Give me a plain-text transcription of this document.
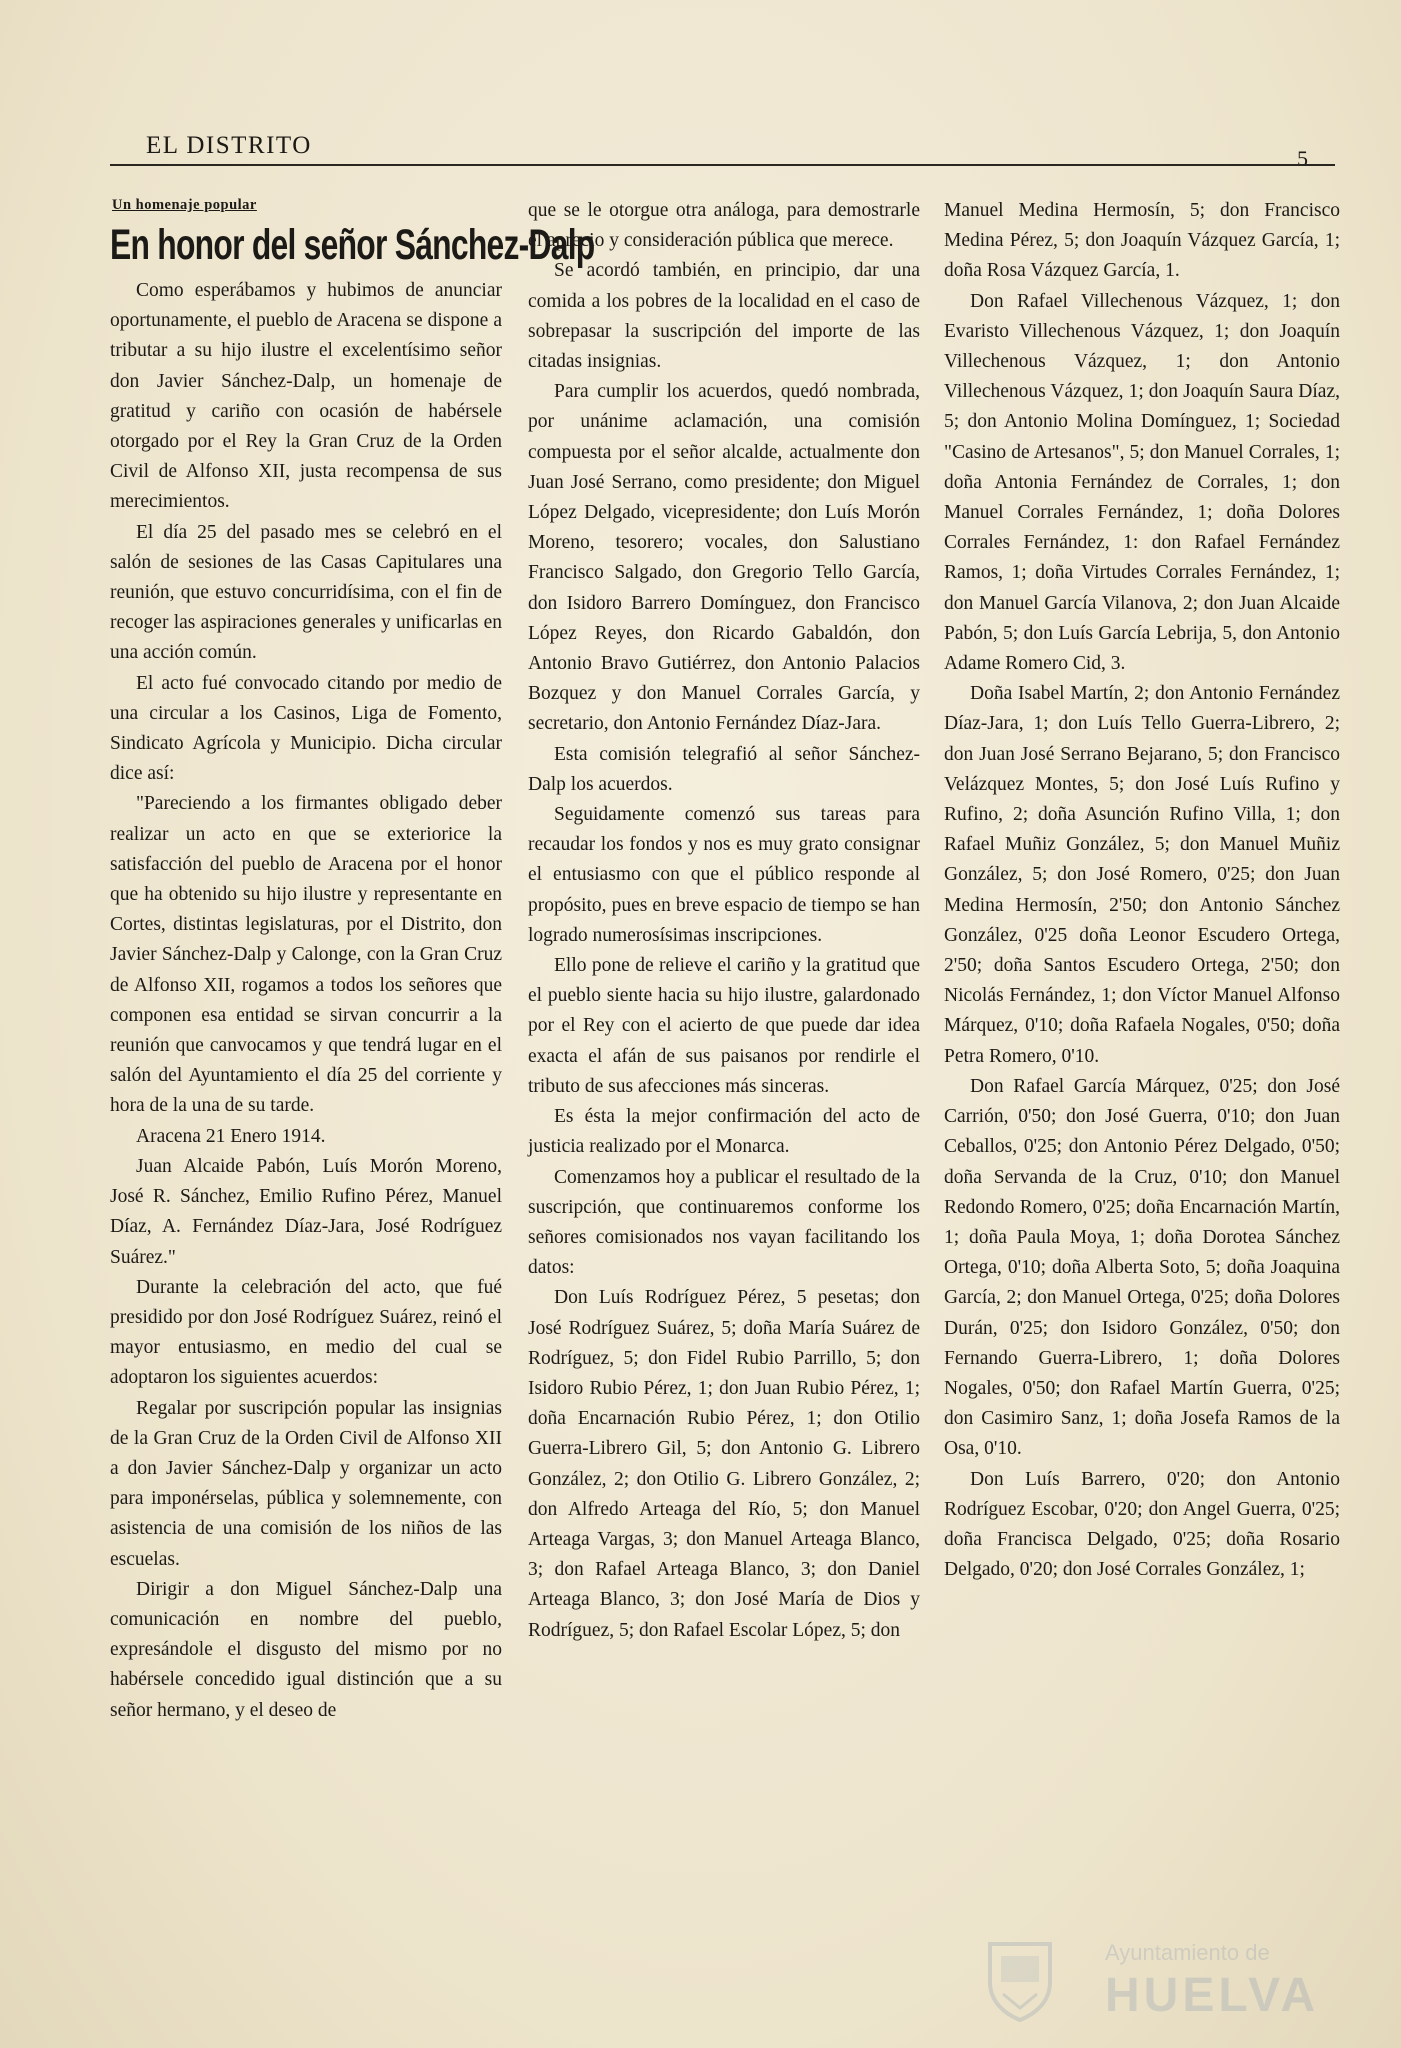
EL DISTRITO	5
Un homenaje popular
En honor del señor Sánchez-Dalp

Como esperábamos y hubimos de anunciar oportunamente, el pueblo de Aracena se dispone a tributar a su hijo ilustre el excelentísimo señor don Javier Sánchez-Dalp, un homenaje de gratitud y cariño con ocasión de habérsele otorgado por el Rey la Gran Cruz de la Orden Civil de Alfonso XII, justa recompensa de sus merecimientos.

El día 25 del pasado mes se celebró en el salón de sesiones de las Casas Capitulares una reunión, que estuvo concurridísima, con el fin de recoger las aspiraciones generales y unificarlas en una acción común.

El acto fué convocado citando por medio de una circular a los Casinos, Liga de Fomento, Sindicato Agrícola y Municipio. Dicha circular dice así:

"Pareciendo a los firmantes obligado deber realizar un acto en que se exteriorice la satisfacción del pueblo de Aracena por el honor que ha obtenido su hijo ilustre y representante en Cortes, distintas legislaturas, por el Distrito, don Javier Sánchez-Dalp y Calonge, con la Gran Cruz de Alfonso XII, rogamos a todos los señores que componen esa entidad se sirvan concurrir a la reunión que canvocamos y que tendrá lugar en el salón del Ayuntamiento el día 25 del corriente y hora de la una de su tarde.

Aracena 21 Enero 1914.

Juan Alcaide Pabón, Luís Morón Moreno, José R. Sánchez, Emilio Rufino Pérez, Manuel Díaz, A. Fernández Díaz-Jara, José Rodríguez Suárez."

Durante la celebración del acto, que fué presidido por don José Rodríguez Suárez, reinó el mayor entusiasmo, en medio del cual se adoptaron los siguientes acuerdos:

Regalar por suscripción popular las insignias de la Gran Cruz de la Orden Civil de Alfonso XII a don Javier Sánchez-Dalp y organizar un acto para imponérselas, pública y solemnemente, con asistencia de una comisión de los niños de las escuelas.

Dirigir a don Miguel Sánchez-Dalp una comunicación en nombre del pueblo, expresándole el disgusto del mismo por no habérsele concedido igual distinción que a su señor hermano, y el deseo de

que se le otorgue otra análoga, para demostrarle el aprecio y consideración pública que merece.

Se acordó también, en principio, dar una comida a los pobres de la localidad en el caso de sobrepasar la suscripción del importe de las citadas insignias.

Para cumplir los acuerdos, quedó nombrada, por unánime aclamación, una comisión compuesta por el señor alcalde, actualmente don Juan José Serrano, como presidente; don Miguel López Delgado, vicepresidente; don Luís Morón Moreno, tesorero; vocales, don Salustiano Francisco Salgado, don Gregorio Tello García, don Isidoro Barrero Domínguez, don Francisco López Reyes, don Ricardo Gabaldón, don Antonio Bravo Gutiérrez, don Antonio Palacios Bozquez y don Manuel Corrales García, y secretario, don Antonio Fernández Díaz-Jara.

Esta comisión telegrafió al señor Sánchez-Dalp los acuerdos.

Seguidamente comenzó sus tareas para recaudar los fondos y nos es muy grato consignar el entusiasmo con que el público responde al propósito, pues en breve espacio de tiempo se han logrado numerosísimas inscripciones.

Ello pone de relieve el cariño y la gratitud que el pueblo siente hacia su hijo ilustre, galardonado por el Rey con el acierto de que puede dar idea exacta el afán de sus paisanos por rendirle el tributo de sus afecciones más sinceras.

Es ésta la mejor confirmación del acto de justicia realizado por el Monarca.

Comenzamos hoy a publicar el resultado de la suscripción, que continuaremos conforme los señores comisionados nos vayan facilitando los datos:

Don Luís Rodríguez Pérez, 5 pesetas; don José Rodríguez Suárez, 5; doña María Suárez de Rodríguez, 5; don Fidel Rubio Parrillo, 5; don Isidoro Rubio Pérez, 1; don Juan Rubio Pérez, 1; doña Encarnación Rubio Pérez, 1; don Otilio Guerra-Librero Gil, 5; don Antonio G. Librero González, 2; don Otilio G. Librero González, 2; don Alfredo Arteaga del Río, 5; don Manuel Arteaga Vargas, 3; don Manuel Arteaga Blanco, 3; don Rafael Arteaga Blanco, 3; don Daniel Arteaga Blanco, 3; don José María de Dios y Rodríguez, 5; don Rafael Escolar López, 5; don

Manuel Medina Hermosín, 5; don Francisco Medina Pérez, 5; don Joaquín Vázquez García, 1; doña Rosa Vázquez García, 1.

Don Rafael Villechenous Vázquez, 1; don Evaristo Villechenous Vázquez, 1; don Joaquín Villechenous Vázquez, 1; don Antonio Villechenous Vázquez, 1; don Joaquín Saura Díaz, 5; don Antonio Molina Domínguez, 1; Sociedad "Casino de Artesanos", 5; don Manuel Corrales, 1; doña Antonia Fernández de Corrales, 1; don Manuel Corrales Fernández, 1; doña Dolores Corrales Fernández, 1: don Rafael Fernández Ramos, 1; doña Virtudes Corrales Fernández, 1; don Manuel García Vilanova, 2; don Juan Alcaide Pabón, 5; don Luís García Lebrija, 5, don Antonio Adame Romero Cid, 3.

Doña Isabel Martín, 2; don Antonio Fernández Díaz-Jara, 1; don Luís Tello Guerra-Librero, 2; don Juan José Serrano Bejarano, 5; don Francisco Velázquez Montes, 5; don José Luís Rufino y Rufino, 2; doña Asunción Rufino Villa, 1; don Rafael Muñiz González, 5; don Manuel Muñiz González, 5; don José Romero, 0'25; don Juan Medina Hermosín, 2'50; don Antonio Sánchez González, 0'25 doña Leonor Escudero Ortega, 2'50; doña Santos Escudero Ortega, 2'50; don Nicolás Fernández, 1; don Víctor Manuel Alfonso Márquez, 0'10; doña Rafaela Nogales, 0'50; doña Petra Romero, 0'10.

Don Rafael García Márquez, 0'25; don José Carrión, 0'50; don José Guerra, 0'10; don Juan Ceballos, 0'25; don Antonio Pérez Delgado, 0'50; doña Servanda de la Cruz, 0'10; don Manuel Redondo Romero, 0'25; doña Encarnación Martín, 1; doña Paula Moya, 1; doña Dorotea Sánchez Ortega, 0'10; doña Alberta Soto, 5; doña Joaquina García, 2; don Manuel Ortega, 0'25; doña Dolores Durán, 0'25; don Isidoro González, 0'50; don Fernando Guerra-Librero, 1; doña Dolores Nogales, 0'50; don Rafael Martín Guerra, 0'25; don Casimiro Sanz, 1; doña Josefa Ramos de la Osa, 0'10.

Don Luís Barrero, 0'20; don Antonio Rodríguez Escobar, 0'20; don Angel Guerra, 0'25; doña Francisca Delgado, 0'25; doña Rosario Delgado, 0'20; don José Corrales González, 1;

Ayuntamiento de
HUELVA
